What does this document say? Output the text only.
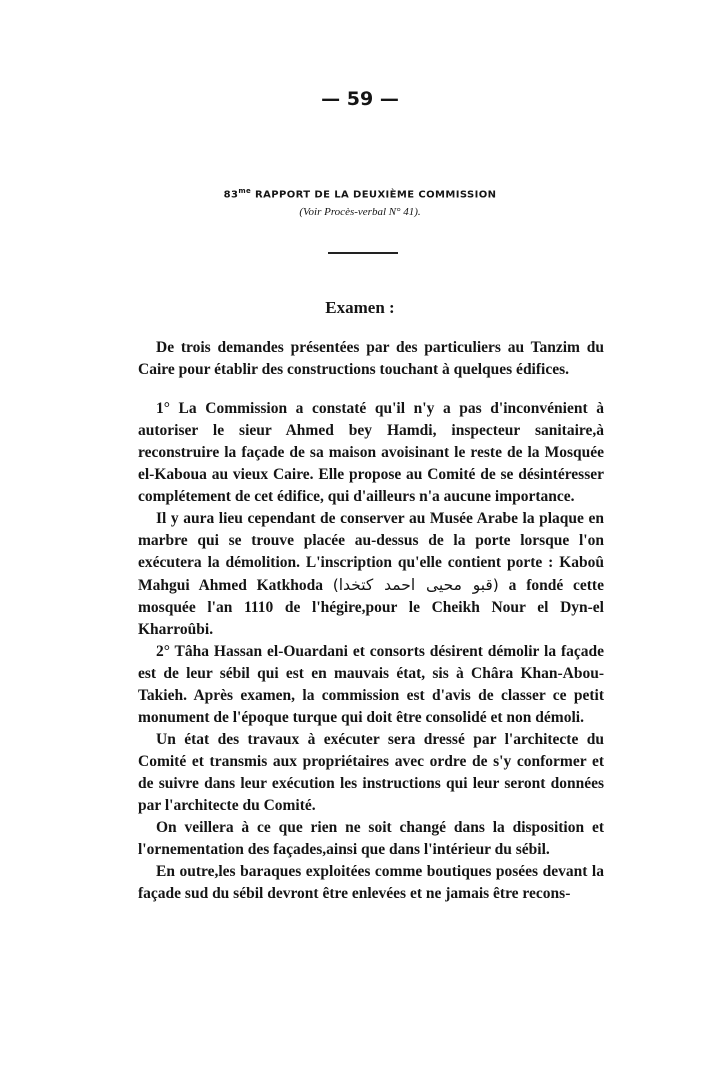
— 59 —
$83^{me}$ RAPPORT DE LA DEUXIÈME COMMISSION
(Voir Procès-verbal N° 41).
Examen :

De trois demandes présentées par des particuliers au Tanzim du Caire pour établir des constructions touchant à quelques édifices.

1° La Commission a constaté qu'il n'y a pas d'inconvénient à autoriser le sieur Ahmed bey Hamdi, inspecteur sanitaire,à reconstruire la façade de sa maison avoisinant le reste de la Mosquée el-Kaboua au vieux Caire. Elle propose au Comité de se désintéresser complétement de cet édifice, qui d'ailleurs n'a aucune importance.

Il y aura lieu cependant de conserver au Musée Arabe la plaque en marbre qui se trouve placée au-dessus de la porte lorsque l'on exécutera la démolition. L'inscription qu'elle contient porte : Kaboû Mahgui Ahmed Katkhoda (قبو محيى احمد كتخدا) a fondé cette mosquée l'an 1110 de l'hégire,pour le Cheikh Nour el Dyn-el Kharroûbi.

2° Tâha Hassan el-Ouardani et consorts désirent démolir la façade est de leur sébil qui est en mauvais état, sis à Châra Khan-Abou-Takieh. Après examen, la commission est d'avis de classer ce petit monument de l'époque turque qui doit être consolidé et non démoli.

Un état des travaux à exécuter sera dressé par l'architecte du Comité et transmis aux propriétaires avec ordre de s'y conformer et de suivre dans leur exécution les instructions qui leur seront données par l'architecte du Comité.

On veillera à ce que rien ne soit changé dans la disposition et l'ornementation des façades,ainsi que dans l'intérieur du sébil.

En outre,les baraques exploitées comme boutiques posées devant la façade sud du sébil devront être enlevées et ne jamais être recons-
